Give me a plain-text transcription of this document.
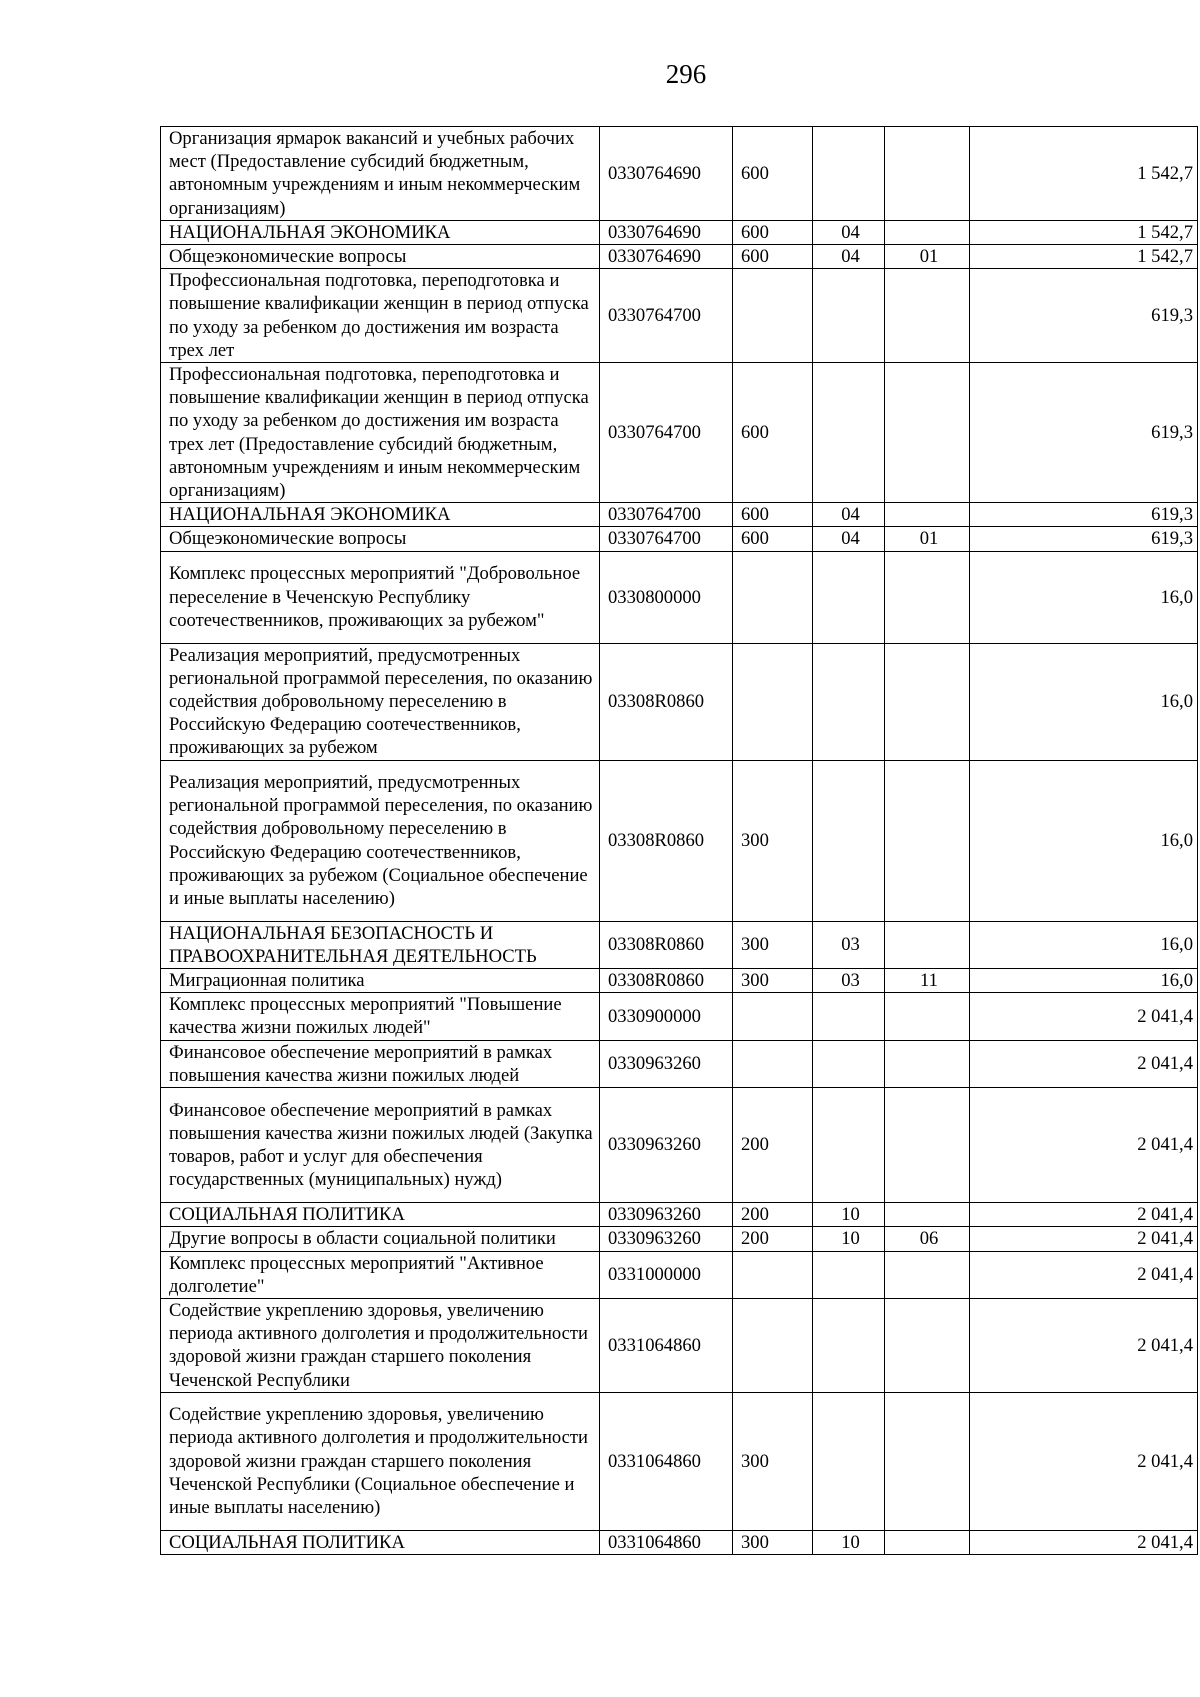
296
Организация ярмарок вакансий и учебных рабочих мест (Предоставление субсидий бюджетным, автономным учреждениям и иным некоммерческим организациям)	0330764690	600			1 542,7
НАЦИОНАЛЬНАЯ ЭКОНОМИКА	0330764690	600	04		1 542,7
Общеэкономические вопросы	0330764690	600	04	01	1 542,7
Профессиональная подготовка, переподготовка и повышение квалификации женщин в период отпуска по уходу за ребенком до достижения им возраста трех лет	0330764700				619,3
Профессиональная подготовка, переподготовка и повышение квалификации женщин в период отпуска по уходу за ребенком до достижения им возраста трех лет (Предоставление субсидий бюджетным, автономным учреждениям и иным некоммерческим организациям)	0330764700	600			619,3
НАЦИОНАЛЬНАЯ ЭКОНОМИКА	0330764700	600	04		619,3
Общеэкономические вопросы	0330764700	600	04	01	619,3
Комплекс процессных мероприятий "Добровольное переселение в Чеченскую Республику соотечественников, проживающих за рубежом"	0330800000				16,0
Реализация мероприятий, предусмотренных региональной программой переселения, по оказанию содействия добровольному переселению в Российскую Федерацию соотечественников, проживающих за рубежом	03308R0860				16,0
Реализация мероприятий, предусмотренных региональной программой переселения, по оказанию содействия добровольному переселению в Российскую Федерацию соотечественников, проживающих за рубежом (Социальное обеспечение и иные выплаты населению)	03308R0860	300			16,0
НАЦИОНАЛЬНАЯ БЕЗОПАСНОСТЬ И ПРАВООХРАНИТЕЛЬНАЯ ДЕЯТЕЛЬНОСТЬ	03308R0860	300	03		16,0
Миграционная политика	03308R0860	300	03	11	16,0
Комплекс процессных мероприятий "Повышение качества жизни пожилых людей"	0330900000				2 041,4
Финансовое обеспечение мероприятий в рамках повышения качества жизни пожилых людей	0330963260				2 041,4
Финансовое обеспечение мероприятий в рамках повышения качества жизни пожилых людей (Закупка товаров, работ и услуг для обеспечения государственных (муниципальных) нужд)	0330963260	200			2 041,4
СОЦИАЛЬНАЯ ПОЛИТИКА	0330963260	200	10		2 041,4
Другие вопросы в области социальной политики	0330963260	200	10	06	2 041,4
Комплекс процессных мероприятий "Активное долголетие"	0331000000				2 041,4
Содействие укреплению здоровья, увеличению периода активного долголетия и продолжительности здоровой жизни граждан старшего поколения Чеченской Республики	0331064860				2 041,4
Содействие укреплению здоровья, увеличению периода активного долголетия и продолжительности здоровой жизни граждан старшего поколения Чеченской Республики (Социальное обеспечение и иные выплаты населению)	0331064860	300			2 041,4
СОЦИАЛЬНАЯ ПОЛИТИКА	0331064860	300	10		2 041,4
